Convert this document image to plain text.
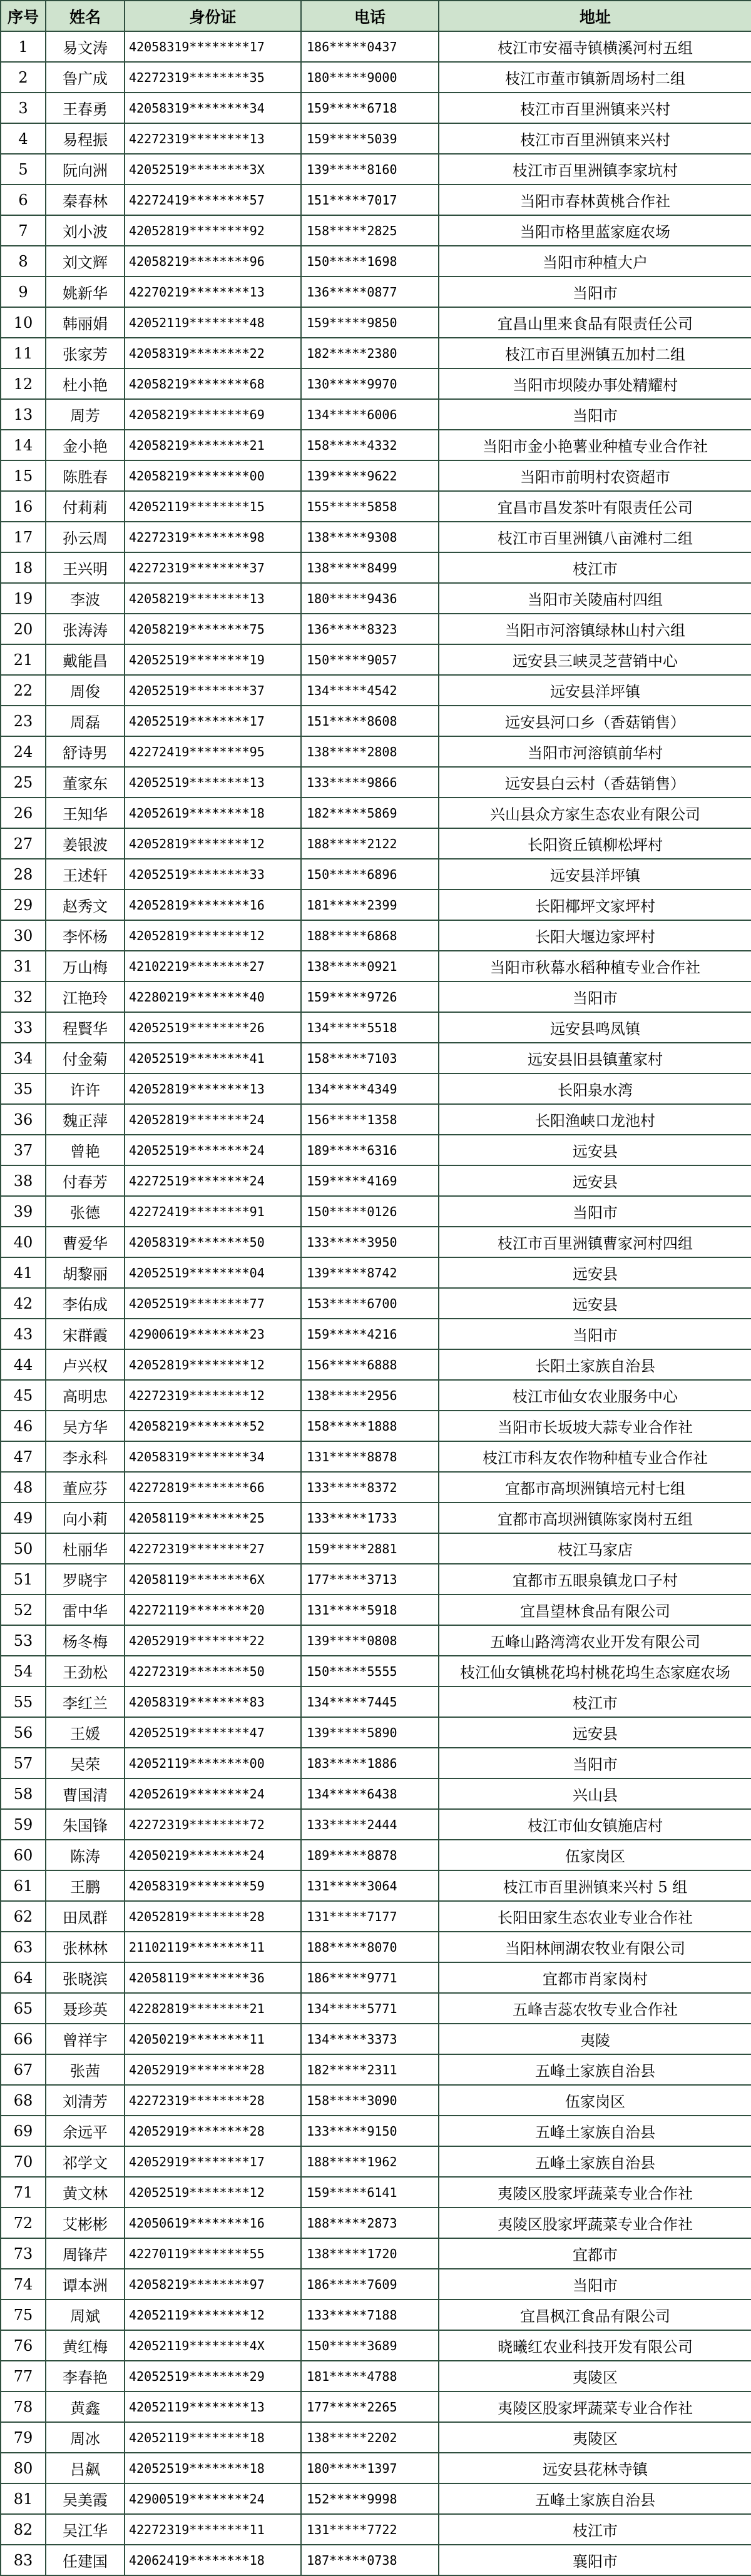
序号	姓名	身份证	电话	地址
1	易文涛	42058319********17	186*****0437	枝江市安福寺镇横溪河村五组
2	鲁广成	42272319********35	180*****9000	枝江市董市镇新周场村二组
3	王春勇	42058319********34	159*****6718	枝江市百里洲镇来兴村
4	易程振	42272319********13	159*****5039	枝江市百里洲镇来兴村
5	阮向洲	42052519********3X	139*****8160	枝江市百里洲镇李家坑村
6	秦春林	42272419********57	151*****7017	当阳市春林黄桃合作社
7	刘小波	42052819********92	158*****2825	当阳市格里蓝家庭农场
8	刘文辉	42058219********96	150*****1698	当阳市种植大户
9	姚新华	42270219********13	136*****0877	当阳市
10	韩丽娟	42052119********48	159*****9850	宜昌山里来食品有限责任公司
11	张家芳	42058319********22	182*****2380	枝江市百里洲镇五加村二组
12	杜小艳	42058219********68	130*****9970	当阳市坝陵办事处精耀村
13	周芳	42058219********69	134*****6006	当阳市
14	金小艳	42058219********21	158*****4332	当阳市金小艳薯业种植专业合作社
15	陈胜春	42058219********00	139*****9622	当阳市前明村农资超市
16	付莉莉	42052119********15	155*****5858	宜昌市昌发茶叶有限责任公司
17	孙云周	42272319********98	138*****9308	枝江市百里洲镇八亩滩村二组
18	王兴明	42272319********37	138*****8499	枝江市
19	李波	42058219********13	180*****9436	当阳市关陵庙村四组
20	张涛涛	42058219********75	136*****8323	当阳市河溶镇绿林山村六组
21	戴能昌	42052519********19	150*****9057	远安县三峡灵芝营销中心
22	周俊	42052519********37	134*****4542	远安县洋坪镇
23	周磊	42052519********17	151*****8608	远安县河口乡（香菇销售）
24	舒诗男	42272419********95	138*****2808	当阳市河溶镇前华村
25	董家东	42052519********13	133*****9866	远安县白云村（香菇销售）
26	王知华	42052619********18	182*****5869	兴山县众方家生态农业有限公司
27	姜银波	42052819********12	188*****2122	长阳资丘镇柳松坪村
28	王述轩	42052519********33	150*****6896	远安县洋坪镇
29	赵秀文	42052819********16	181*****2399	长阳椰坪文家坪村
30	李怀杨	42052819********12	188*****6868	长阳大堰边家坪村
31	万山梅	42102219********27	138*****0921	当阳市秋幕水稻种植专业合作社
32	江艳玲	42280219********40	159*****9726	当阳市
33	程賢华	42052519********26	134*****5518	远安县鸣凤镇
34	付金菊	42052519********41	158*****7103	远安县旧县镇董家村
35	许许	42052819********13	134*****4349	长阳泉水湾
36	魏正萍	42052819********24	156*****1358	长阳渔峡口龙池村
37	曾艳	42052519********24	189*****6316	远安县
38	付春芳	42272519********24	159*****4169	远安县
39	张德	42272419********91	150*****0126	当阳市
40	曹爱华	42058319********50	133*****3950	枝江市百里洲镇曹家河村四组
41	胡黎丽	42052519********04	139*****8742	远安县
42	李佑成	42052519********77	153*****6700	远安县
43	宋群霞	42900619********23	159*****4216	当阳市
44	卢兴权	42052819********12	156*****6888	长阳土家族自治县
45	高明忠	42272319********12	138*****2956	枝江市仙女农业服务中心
46	吴方华	42058219********52	158*****1888	当阳市长坂坡大蒜专业合作社
47	李永科	42058319********34	131*****8878	枝江市科友农作物种植专业合作社
48	董应芬	42272819********66	133*****8372	宜都市高坝洲镇培元村七组
49	向小莉	42058119********25	133*****1733	宜都市高坝洲镇陈家岗村五组
50	杜丽华	42272319********27	159*****2881	枝江马家店
51	罗晓宇	42058119********6X	177*****3713	宜都市五眼泉镇龙口子村
52	雷中华	42272119********20	131*****5918	宜昌望林食品有限公司
53	杨冬梅	42052919********22	139*****0808	五峰山路湾湾农业开发有限公司
54	王劲松	42272319********50	150*****5555	枝江仙女镇桃花坞村桃花坞生态家庭农场
55	李红兰	42058319********83	134*****7445	枝江市
56	王媛	42052519********47	139*****5890	远安县
57	吴荣	42052119********00	183*****1886	当阳市
58	曹国清	42052619********24	134*****6438	兴山县
59	朱国锋	42272319********72	133*****2444	枝江市仙女镇施店村
60	陈涛	42050219********24	189*****8878	伍家岗区
61	王鹏	42058319********59	131*****3064	枝江市百里洲镇来兴村 5 组
62	田凤群	42052819********28	131*****7177	长阳田家生态农业专业合作社
63	张林林	21102119********11	188*****8070	当阳林闸湖农牧业有限公司
64	张晓滨	42058119********36	186*****9771	宜都市肖家岗村
65	聂珍英	42282819********21	134*****5771	五峰吉蕊农牧专业合作社
66	曾祥宇	42050219********11	134*****3373	夷陵
67	张茜	42052919********28	182*****2311	五峰土家族自治县
68	刘清芳	42272319********28	158*****3090	伍家岗区
69	余远平	42052919********28	133*****9150	五峰土家族自治县
70	祁学文	42052919********17	188*****1962	五峰土家族自治县
71	黄文林	42052519********12	159*****6141	夷陵区股家坪蔬菜专业合作社
72	艾彬彬	42050619********16	188*****2873	夷陵区股家坪蔬菜专业合作社
73	周锋芹	42270119********55	138*****1720	宜都市
74	谭本洲	42058219********97	186*****7609	当阳市
75	周斌	42052119********12	133*****7188	宜昌枫江食品有限公司
76	黄红梅	42052119********4X	150*****3689	晓曦红农业科技开发有限公司
77	李春艳	42052519********29	181*****4788	夷陵区
78	黄鑫	42052119********13	177*****2265	夷陵区股家坪蔬菜专业合作社
79	周冰	42052119********18	138*****2202	夷陵区
80	吕飙	42052519********18	180*****1397	远安县花林寺镇
81	吴美霞	42900519********24	152*****9998	五峰土家族自治县
82	吴江华	42272319********11	131*****7722	枝江市
83	任建国	42062419********18	187*****0738	襄阳市
